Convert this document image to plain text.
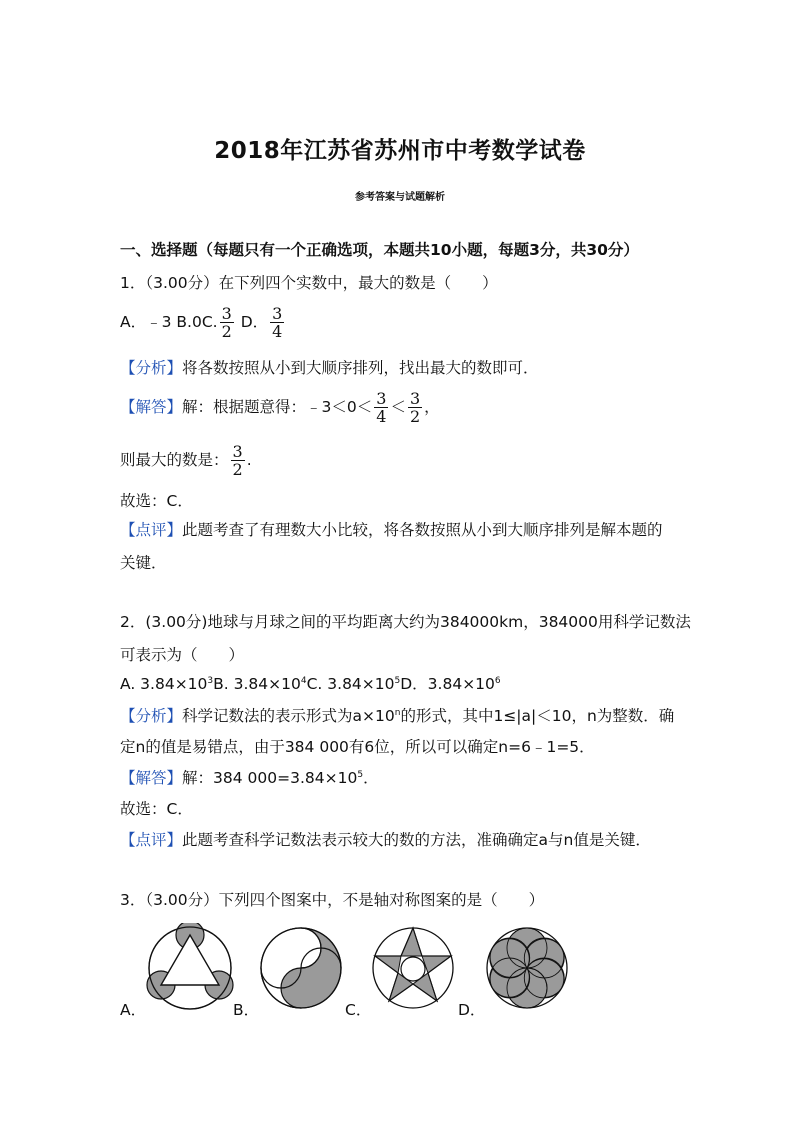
2018年江苏省苏州市中考数学试卷
参考答案与试题解析
一、选择题（每题只有一个正确选项，本题共10小题，每题3分，共30分）
1．（3.00分）在下列四个实数中，最大的数是（　　）
A．﹣3 B.0C. $\frac{3}{2}$ D． $\frac{3}{4}$
【分析】将各数按照从小到大顺序排列，找出最大的数即可．
【解答】解：根据题意得：﹣3＜0＜ $\frac{3}{4} < \frac{3}{2}$ ，
则最大的数是： $\frac{3}{2}$ .
故选：C．
【点评】此题考查了有理数大小比较，将各数按照从小到大顺序排列是解本题的
关键．
2．(3.00分)地球与月球之间的平均距离大约为384000km，384000用科学记数法
可表示为（　　）
A. $3.84\times 10^3B$. $3.84\times 10^4C$. $3.84\times 10^5D$．$3.84\times 10^6$
【分析】科学记数法的表示形式为$a\times 10^n$的形式，其中1≤|a|＜10，n为整数．确
定n的值是易错点，由于384 000有6位，所以可以确定n=6﹣1=5．
【解答】解：384 $000=3.84\times 10^5$．
故选：C．
【点评】此题考查科学记数法表示较大的数的方法，准确确定a与n值是关键．
3．（3.00分）下列四个图案中，不是轴对称图案的是（　　）
A．	B．	C．	D．
